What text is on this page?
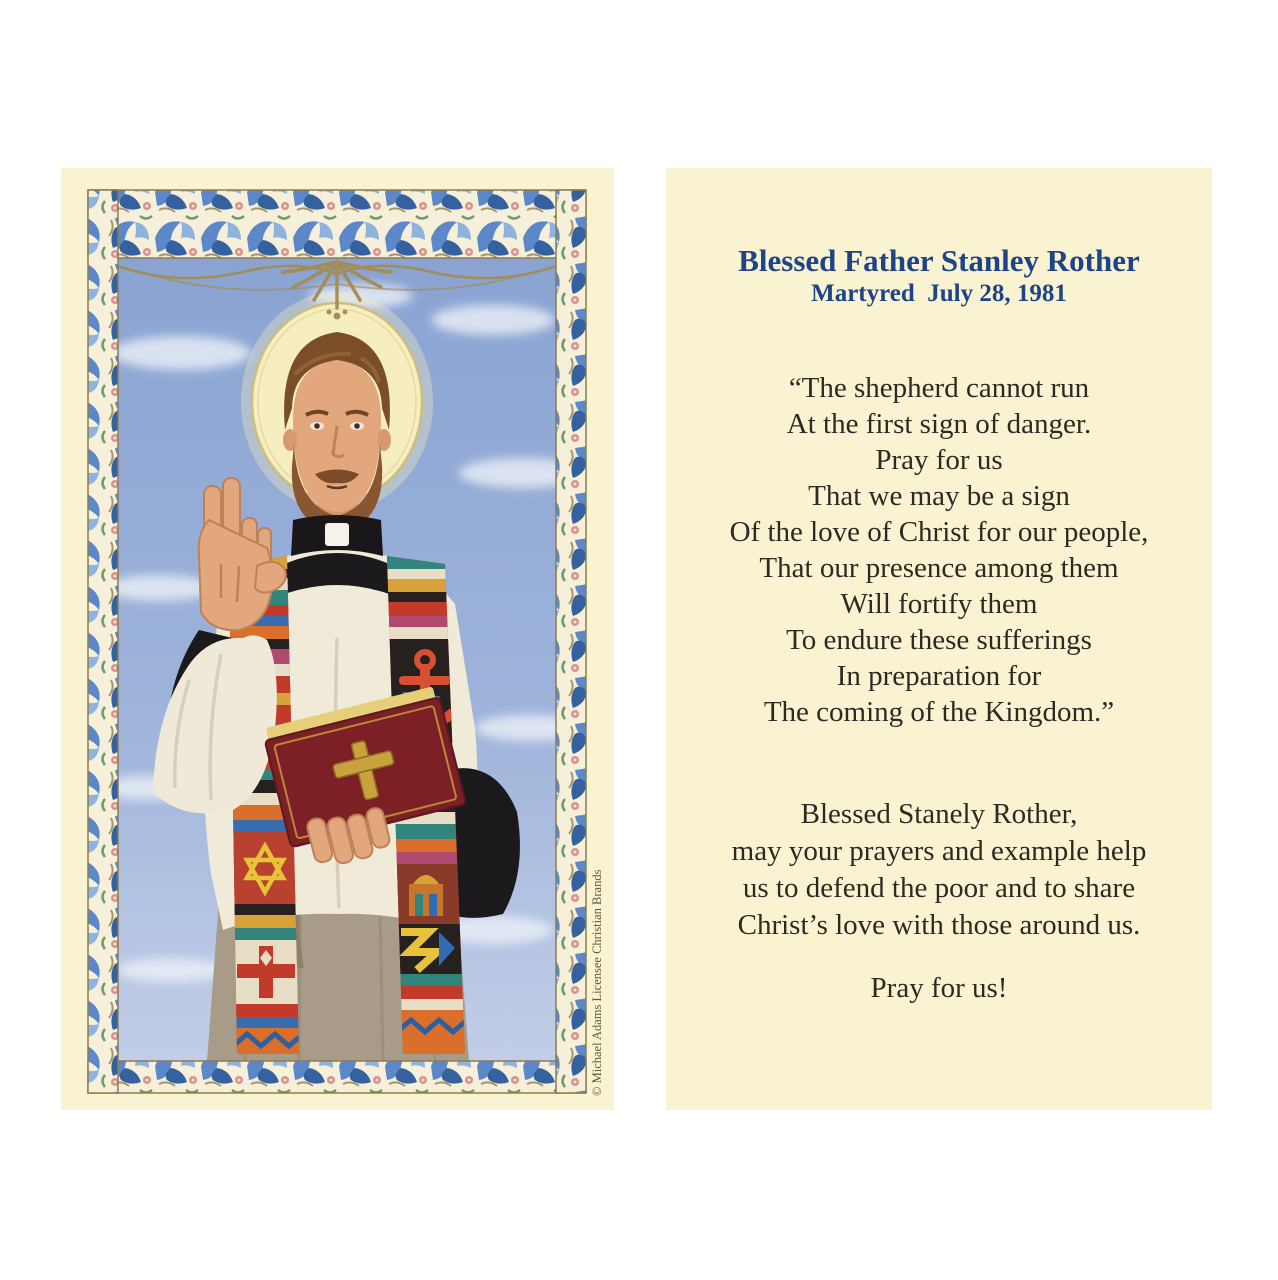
© Michael Adams Licensee Christian Brands
Blessed Father Stanley Rother
Martyred  July 28, 1981
“The shepherd cannot run
At the first sign of danger.
Pray for us
That we may be a sign
Of the love of Christ for our people,
That our presence among them
Will fortify them
To endure these sufferings
In preparation for
The coming of the Kingdom.”
Blessed Stanely Rother,
may your prayers and example help
us to defend the poor and to share
Christ’s love with those around us.
Pray for us!
